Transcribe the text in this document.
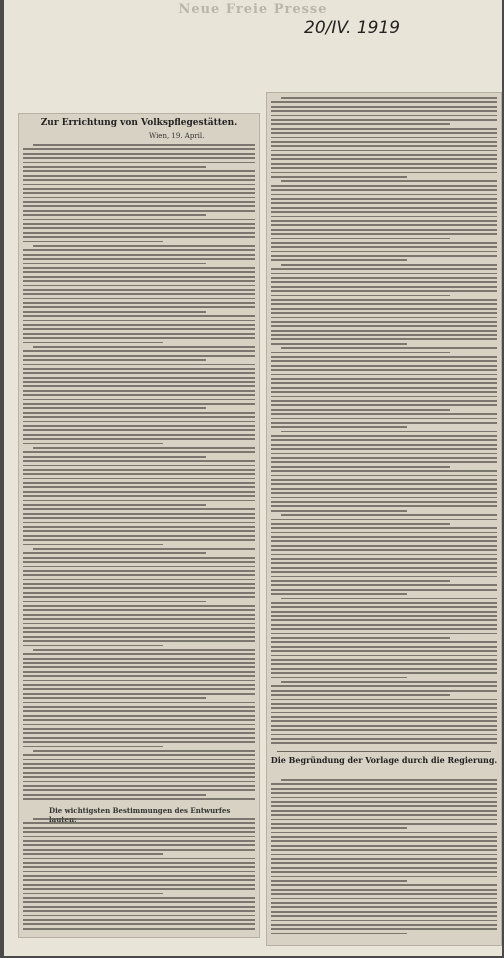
Neue Freie Presse
20/IV. 1919
Zur Errichtung von Volkspflegestätten.
Wien, 19. April.
Die wichtigsten Bestimmungen des Entwurfes
Die Begründung der Vorlage durch die Regierung.
